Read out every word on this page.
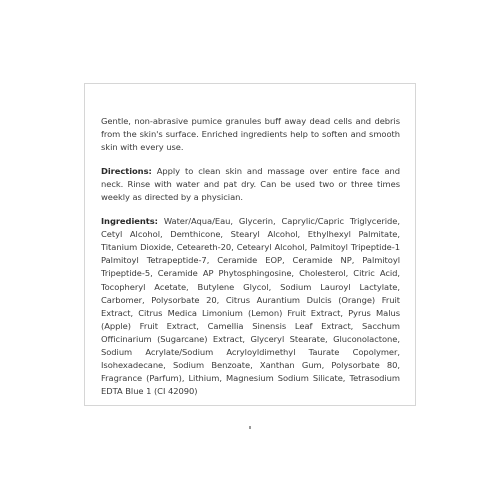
Gentle, non-abrasive pumice granules buff away dead cells and debris from the skin's surface. Enriched ingredients help to soften and smooth skin with every use.

Directions: Apply to clean skin and massage over entire face and neck. Rinse with water and pat dry. Can be used two or three times weekly as directed by a physician.

Ingredients: Water/Aqua/Eau, Glycerin, Caprylic/Capric Triglyceride, Cetyl Alcohol, Demthicone, Stearyl Alcohol, Ethylhexyl Palmitate, Titanium Dioxide, Ceteareth-20, Cetearyl Alcohol, Palmitoyl Tripeptide-1 Palmitoyl Tetrapeptide-7, Ceramide EOP, Ceramide NP, Palmitoyl Tripeptide-5, Ceramide AP Phytosphingosine, Cholesterol, Citric Acid, Tocopheryl Acetate, Butylene Glycol, Sodium Lauroyl Lactylate, Carbomer, Polysorbate 20, Citrus Aurantium Dulcis (Orange) Fruit Extract, Citrus Medica Limonium (Lemon) Fruit Extract, Pyrus Malus (Apple) Fruit Extract, Camellia Sinensis Leaf Extract, Sacchum Officinarium (Sugarcane) Extract, Glyceryl Stearate, Gluconolactone, Sodium Acrylate/Sodium Acryloyldimethyl Taurate Copolymer, Isohexadecane, Sodium Benzoate, Xanthan Gum, Polysorbate 80, Fragrance (Parfum), Lithium, Magnesium Sodium Silicate, Tetrasodium EDTA Blue 1 (CI 42090)
